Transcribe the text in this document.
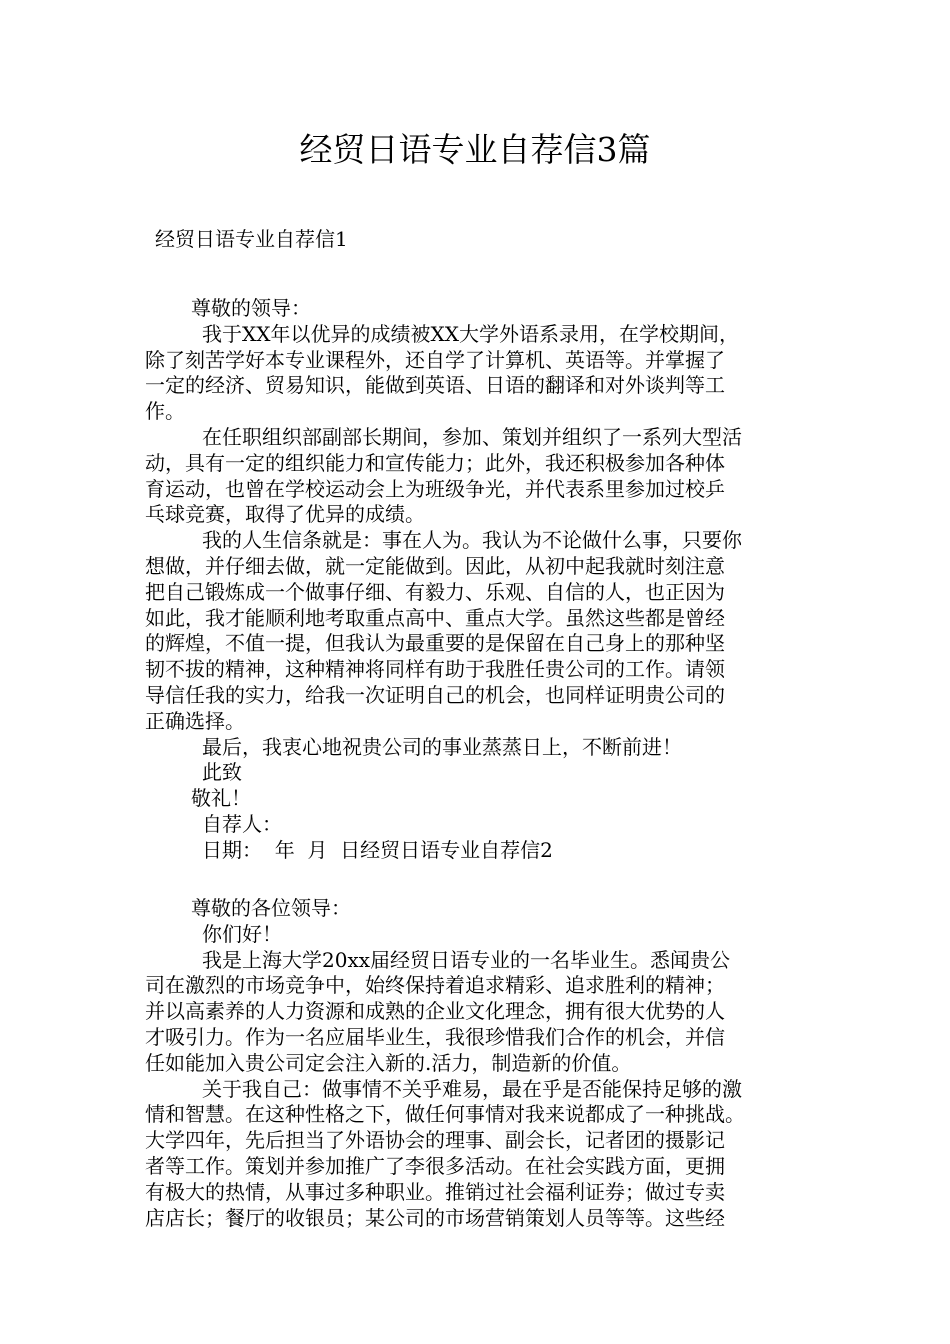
经贸日语专业自荐信3篇
经贸日语专业自荐信1
尊敬的领导：
我于XX年以优异的成绩被XX大学外语系录用，在学校期间，
除了刻苦学好本专业课程外，还自学了计算机、英语等。并掌握了
一定的经济、贸易知识，能做到英语、日语的翻译和对外谈判等工
作。
在任职组织部副部长期间，参加、策划并组织了一系列大型活
动，具有一定的组织能力和宣传能力；此外，我还积极参加各种体
育运动，也曾在学校运动会上为班级争光，并代表系里参加过校乒
乓球竞赛，取得了优异的成绩。
我的人生信条就是：事在人为。我认为不论做什么事，只要你
想做，并仔细去做，就一定能做到。因此，从初中起我就时刻注意
把自己锻炼成一个做事仔细、有毅力、乐观、自信的人，也正因为
如此，我才能顺利地考取重点高中、重点大学。虽然这些都是曾经
的辉煌，不值一提，但我认为最重要的是保留在自己身上的那种坚
韧不拔的精神，这种精神将同样有助于我胜任贵公司的工作。请领
导信任我的实力，给我一次证明自己的机会，也同样证明贵公司的
正确选择。
最后，我衷心地祝贵公司的事业蒸蒸日上，不断前进！
此致
敬礼！
自荐人：
日期：  年  月  日经贸日语专业自荐信2
尊敬的各位领导：
你们好！
我是上海大学20xx届经贸日语专业的一名毕业生。悉闻贵公
司在激烈的市场竞争中，始终保持着追求精彩、追求胜利的精神；
并以高素养的人力资源和成熟的企业文化理念，拥有很大优势的人
才吸引力。作为一名应届毕业生，我很珍惜我们合作的机会，并信
任如能加入贵公司定会注入新的.活力，制造新的价值。
关于我自己：做事情不关乎难易，最在乎是否能保持足够的激
情和智慧。在这种性格之下，做任何事情对我来说都成了一种挑战。
大学四年，先后担当了外语协会的理事、副会长，记者团的摄影记
者等工作。策划并参加推广了李很多活动。在社会实践方面，更拥
有极大的热情，从事过多种职业。推销过社会福利证券；做过专卖
店店长；餐厅的收银员；某公司的市场营销策划人员等等。这些经
